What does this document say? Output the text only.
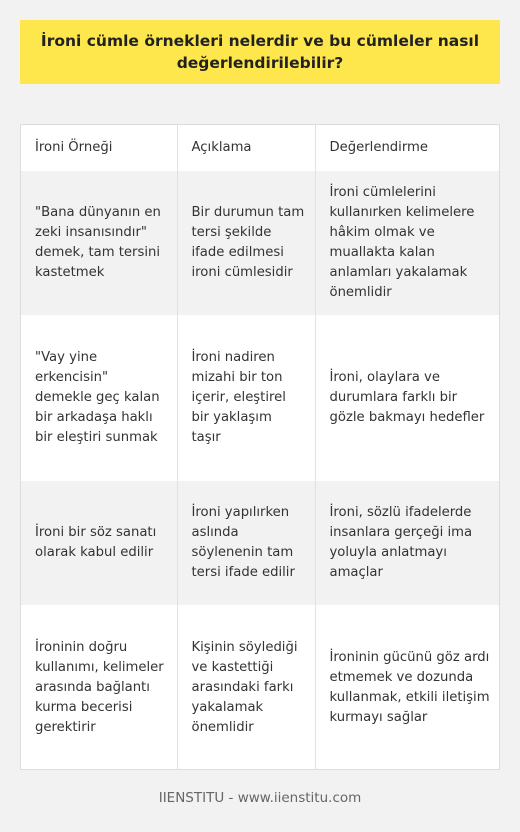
İroni cümle örnekleri nelerdir ve bu cümleler nasıl değerlendirilebilir?
İroni Örneği	Açıklama	Değerlendirme
"Bana dünyanın en zeki insanısındır" demek, tam tersini kastetmek	Bir durumun tam tersi şekilde ifade edilmesi ironi cümlesidir	İroni cümlelerini kullanırken kelimelere hâkim olmak ve muallakta kalan anlamları yakalamak önemlidir
"Vay yine erkencisin" demekle geç kalan bir arkadaşa haklı bir eleştiri sunmak	İroni nadiren mizahi bir ton içerir, eleştirel bir yaklaşım taşır	İroni, olaylara ve durumlara farklı bir gözle bakmayı hedefler
İroni bir söz sanatı olarak kabul edilir	İroni yapılırken aslında söylenenin tam tersi ifade edilir	İroni, sözlü ifadelerde insanlara gerçeği ima yoluyla anlatmayı amaçlar
İroninin doğru kullanımı, kelimeler arasında bağlantı kurma becerisi gerektirir	Kişinin söylediği ve kastettiği arasındaki farkı yakalamak önemlidir	İroninin gücünü göz ardı etmemek ve dozunda kullanmak, etkili iletişim kurmayı sağlar
IIENSTITU - www.iienstitu.com
